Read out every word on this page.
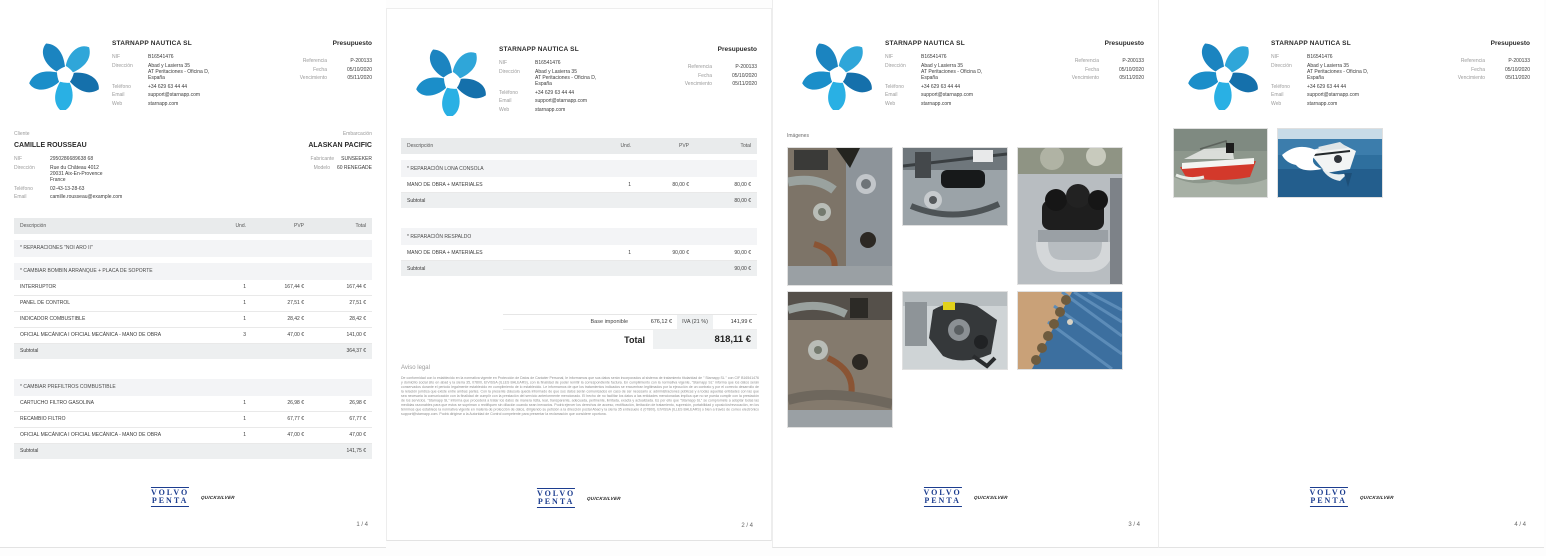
STARNAPP NAUTICA SL
NIF	B16541476
Dirección	Abad y Lasierra 35
AT Peritaciones - Oficina D,
España
Teléfono	+34 629 63 44 44
Email	support@starnapp.com
Web	starnapp.com
Presupuesto
Referencia	P-200133
Fecha	05/10/2020
Vencimiento	05/11/2020
Cliente
CAMILLE ROUSSEAU
NIF	2950286689638 68
Dirección	Rue du Château 4012
20031 Aix-En-Provence
France
Teléfono	02-43-13-28-63
Email	camille.rousseau@example.com
Embarcación
ALASKAN PACIFIC
Fabricante SUNSEEKER
Modelo 60 RENEGADE
Descripción	Und.	PVP	Total
* REPARACIONES "NOI ARO II"
* CAMBIAR BOMBIN ARRANQUE + PLACA DE SOPORTE
INTERRUPTOR	1	167,44 €	167,44 €
PANEL DE CONTROL	1	27,51 €	27,51 €
INDICADOR COMBUSTIBLE	1	28,42 €	28,42 €
OFICIAL MECÁNICA I OFICIAL MECÁNICA - MANO DE OBRA	3	47,00 €	141,00 €
Subtotal	364,37 €
* CAMBIAR PREFILTROS COMBUSTIBLE
CARTUCHO FILTRO GASOLINA	1	26,98 €	26,98 €
RECAMBIO FILTRO	1	67,77 €	67,77 €
OFICIAL MECÁNICA I OFICIAL MECÁNICA - MANO DE OBRA	1	47,00 €	47,00 €
Subtotal	141,75 €
VOLVO
PENTA	QUICKSILVER
1 / 4
STARNAPP NAUTICA SL
NIF	B16541476
Dirección	Abad y Lasierra 35
AT Peritaciones - Oficina D,
España
Teléfono	+34 629 63 44 44
Email	support@starnapp.com
Web	starnapp.com
Presupuesto
Referencia	P-200133
Fecha	05/10/2020
Vencimiento	05/11/2020
Descripción	Und.	PVP	Total
* REPARACIÓN LONA CONSOLA
MANO DE OBRA + MATERIALES	1	80,00 €	80,00 €
Subtotal	80,00 €
* REPARACIÓN RESPALDO
MANO DE OBRA + MATERIALES	1	90,00 €	90,00 €
Subtotal	90,00 €
Base imponible	676,12 €	IVA (21 %)	141,99 €
Total	818,11 €
Aviso legal
De conformidad con lo establecido en la normativa vigente en Protección de Datos de Carácter Personal, le informamos que sus datos serán incorporados al sistema de tratamiento titularidad de " Starnapp SL " con CIF B16541476 y domicilio social sito en abad y la sierra 35, 07800, EIVISSA (ILLES BALEARS), con la finalidad de poder remitir la correspondiente factura. En cumplimiento con la normativa vigente, "Starnapp SL" informa que los datos serán conservados durante el periodo legalmente establecido en cumplimiento de lo establecido. Le informamos de que los tratamientos indicados se encuentran legitimados por la ejecución de un contrato y por el correcto desarrollo de la relación jurídica que existe entre ambas partes. Con la presente cláusula queda informado de que sus datos serán comunicados en caso de ser necesario a: administraciones públicas y a todas aquellas entidades con las que sea necesaria la comunicación con la finalidad de cumplir con la prestación del servicio anteriormente mencionado. El hecho de no facilitar los datos a las entidades mencionadas implica que no se pueda cumplir con la prestación de los servicios. "Starnapp SL" informa que procederá a tratar los datos de manera lícita, leal, transparente, adecuada, pertinente, limitada, exacta y actualizada. Es por ello que "Starnapp SL" se compromete a adoptar todas las medidas razonables para que estos se supriman o rectifiquen sin dilación cuando sean inexactos. Podrá ejercer los derechos de acceso, rectificación, limitación de tratamiento, supresión, portabilidad y oposición/revocación, en los términos que establece la normativa vigente en materia de protección de datos, dirigiendo su petición a la dirección postal Abad y la sierra 35 entresuelo d (07800), EIVISSA (ILLES BALEARS) o bien a través de correo electrónico support@starnapp.com. Podrá dirigirse a la Autoridad de Control competente para presentar la reclamación que considere oportuna.
VOLVO
PENTA	QUICKSILVER
2 / 4
STARNAPP NAUTICA SL
NIF	B16541476
Dirección	Abad y Lasierra 35
AT Peritaciones - Oficina D,
España
Teléfono	+34 629 63 44 44
Email	support@starnapp.com
Web	starnapp.com
Presupuesto
Referencia	P-200133
Fecha	05/10/2020
Vencimiento	05/11/2020
Imágenes
VOLVO
PENTA	QUICKSILVER
3 / 4
STARNAPP NAUTICA SL
NIF	B16541476
Dirección	Abad y Lasierra 35
AT Peritaciones - Oficina D,
España
Teléfono	+34 629 63 44 44
Email	support@starnapp.com
Web	starnapp.com
Presupuesto
Referencia	P-200133
Fecha	05/10/2020
Vencimiento	05/11/2020
VOLVO
PENTA	QUICKSILVER
4 / 4
